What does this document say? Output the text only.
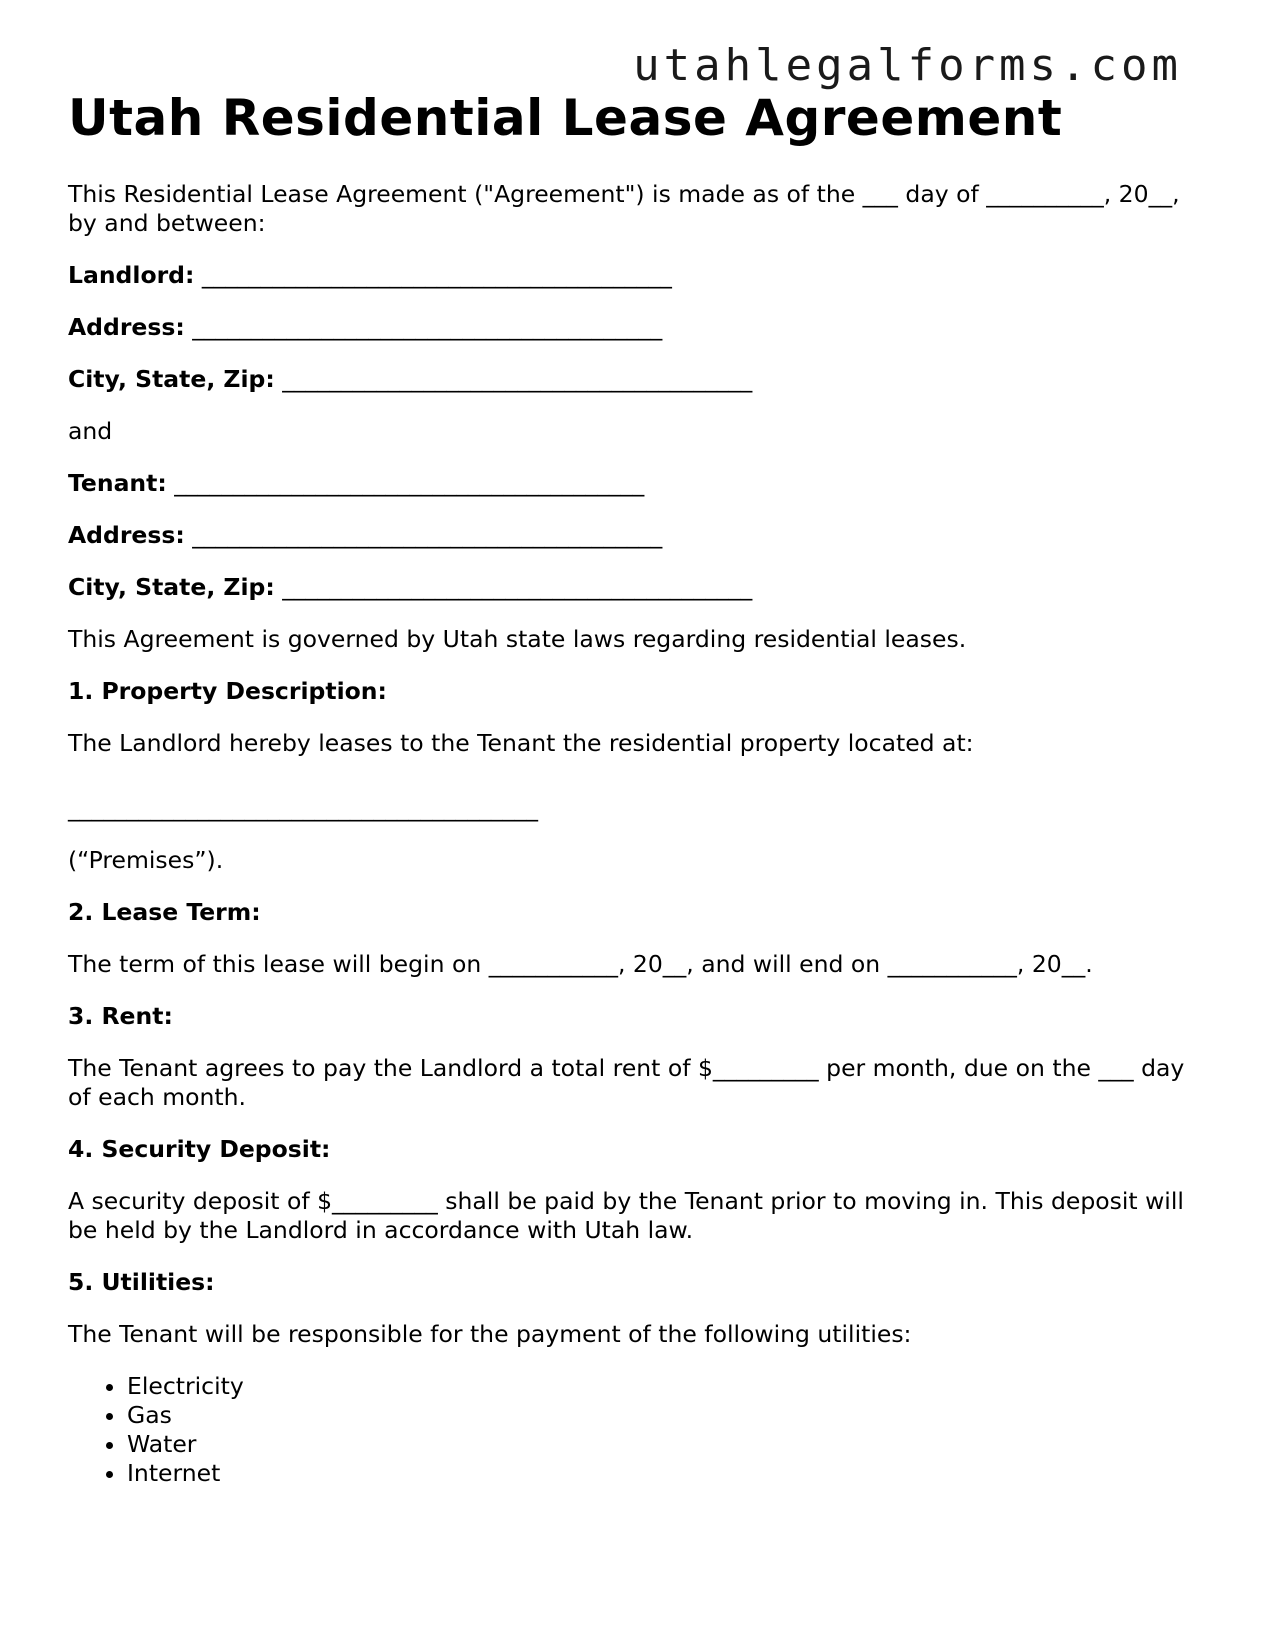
utahlegalforms.com
Utah Residential Lease Agreement

This Residential Lease Agreement ("Agreement") is made as of the ___ day of __________, 20__, by and between:

Landlord: ________________________________________

Address: ________________________________________

City, State, Zip: ________________________________________

and

Tenant: ________________________________________

Address: ________________________________________

City, State, Zip: ________________________________________

This Agreement is governed by Utah state laws regarding residential leases.

1. Property Description:

The Landlord hereby leases to the Tenant the residential property located at:

________________________________________

(“Premises”).

2. Lease Term:

The term of this lease will begin on ___________, 20__, and will end on ___________, 20__.

3. Rent:

The Tenant agrees to pay the Landlord a total rent of $_________ per month, due on the ___ day of each month.

4. Security Deposit:

A security deposit of $_________ shall be paid by the Tenant prior to moving in. This deposit will be held by the Landlord in accordance with Utah law.

5. Utilities:

The Tenant will be responsible for the payment of the following utilities:

• Electricity
• Gas
• Water
• Internet
